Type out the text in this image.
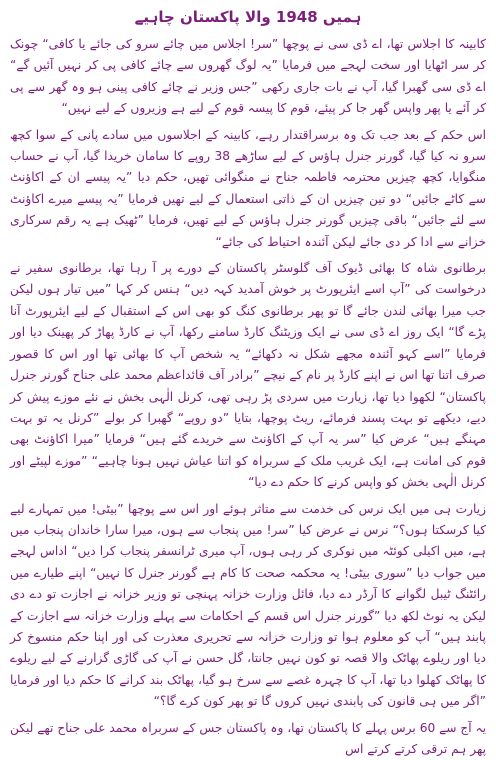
ہمیں 1948 والا پاکستان چاہیے

کابینہ کا اجلاس تھا، اے ڈی سی نے پوچھا ”سر! اجلاس میں چائے سرو کی جائے یا کافی“ چونک کر سر اٹھایا اور سخت لہجے میں فرمایا ”یہ لوگ گھروں سے چائے کافی پی کر نہیں آئیں گے“ اے ڈی سی گھبرا گیا، آپ نے بات جاری رکھی ”جس وزیر نے چائے کافی پینی ہو وہ گھر سے پی کر آئے یا پھر واپس گھر جا کر پیئے، قوم کا پیسہ قوم کے لیے ہے وزیروں کے لیے نہیں“

اس حکم کے بعد جب تک وہ برسراقتدار رہے، کابینہ کے اجلاسوں میں سادے پانی کے سوا کچھ سرو نہ کیا گیا، گورنر جنرل ہاؤس کے لیے ساڑھے 38 روپے کا سامان خریدا گیا، آپ نے حساب منگوایا، کچھ چیزیں محترمہ فاطمہ جناح نے منگوائی تھیں، حکم دیا ”یہ پیسے ان کے اکاؤنٹ سے کاٹے جائیں“ دو تین چیزیں ان کے ذاتی استعمال کے لیے تھیں فرمایا ”یہ پیسے میرے اکاؤنٹ سے لئے جائیں“ باقی چیزیں گورنر جنرل ہاؤس کے لیے تھیں، فرمایا ”ٹھیک ہے یہ رقم سرکاری خزانے سے ادا کر دی جائے لیکن آئندہ احتیاط کی جائے“

برطانوی شاہ کا بھائی ڈیوک آف گلوسٹر پاکستان کے دورے پر آ رہا تھا، برطانوی سفیر نے درخواست کی ”آپ اسے ایئرپورٹ پر خوش آمدید کہہ دیں“ ہنس کر کہا ”میں تیار ہوں لیکن جب میرا بھائی لندن جائے گا تو پھر برطانوی کنگ کو بھی اس کے استقبال کے لیے ایئرپورٹ آنا پڑے گا“ ایک روز اے ڈی سی نے ایک وزیٹنگ کارڈ سامنے رکھا، آپ نے کارڈ پھاڑ کر پھینک دیا اور فرمایا ”اسے کہو آئندہ مجھے شکل نہ دکھائے“ یہ شخص آپ کا بھائی تھا اور اس کا قصور صرف اتنا تھا اس نے اپنے کارڈ پر نام کے نیچے ”برادر آف قائداعظم محمد علی جناح گورنر جنرل پاکستان“ لکھوا دیا تھا، زیارت میں سردی پڑ رہی تھی، کرنل الٰہی بخش نے نئے موزے پیش کر دیے، دیکھے تو بہت پسند فرمائے، ریٹ پوچھا، بتایا ”دو روپے“ گھبرا کر بولے ”کرنل یہ تو بہت مہنگے ہیں“ عرض کیا ”سر یہ آپ کے اکاؤنٹ سے خریدے گئے ہیں“ فرمایا ”میرا اکاؤنٹ بھی قوم کی امانت ہے، ایک غریب ملک کے سربراہ کو اتنا عیاش نہیں ہونا چاہیے“ ”موزے لپیٹے اور کرنل الٰہی بخش کو واپس کرنے کا حکم دے دیا“

زیارت ہی میں ایک نرس کی خدمت سے متاثر ہوئے اور اس سے پوچھا ”بیٹی! میں تمہارے لیے کیا کرسکتا ہوں؟“ نرس نے عرض کیا ”سر! میں پنجاب سے ہوں، میرا سارا خاندان پنجاب میں ہے، میں اکیلی کوئٹہ میں نوکری کر رہی ہوں، آپ میری ٹرانسفر پنجاب کرا دیں“ اداس لہجے میں جواب دیا ”سوری بیٹی! یہ محکمہ صحت کا کام ہے گورنر جنرل کا نہیں“ اپنے طیارے میں رائٹنگ ٹیبل لگوانے کا آرڈر دے دیا، فائل وزارت خزانہ پہنچی تو وزیر خزانہ نے اجازت تو دے دی لیکن یہ نوٹ لکھ دیا ”گورنر جنرل اس قسم کے احکامات سے پہلے وزارت خزانہ سے اجازت کے پابند ہیں“ آپ کو معلوم ہوا تو وزارت خزانہ سے تحریری معذرت کی اور اپنا حکم منسوخ کر دیا اور ریلوے پھاٹک والا قصہ تو کون نہیں جانتا، گل حسن نے آپ کی گاڑی گزارنے کے لیے ریلوے کا پھاٹک کھلوا دیا تھا، آپ کا چہرہ غصے سے سرخ ہو گیا، پھاٹک بند کرانے کا حکم دیا اور فرمایا ”اگر میں ہی قانون کی پابندی نہیں کروں گا تو پھر کون کرے گا؟“

یہ آج سے 60 برس پہلے کا پاکستان تھا، وہ پاکستان جس کے سربراہ محمد علی جناح تھے لیکن پھر ہم ترقی کرتے کرتے اس
